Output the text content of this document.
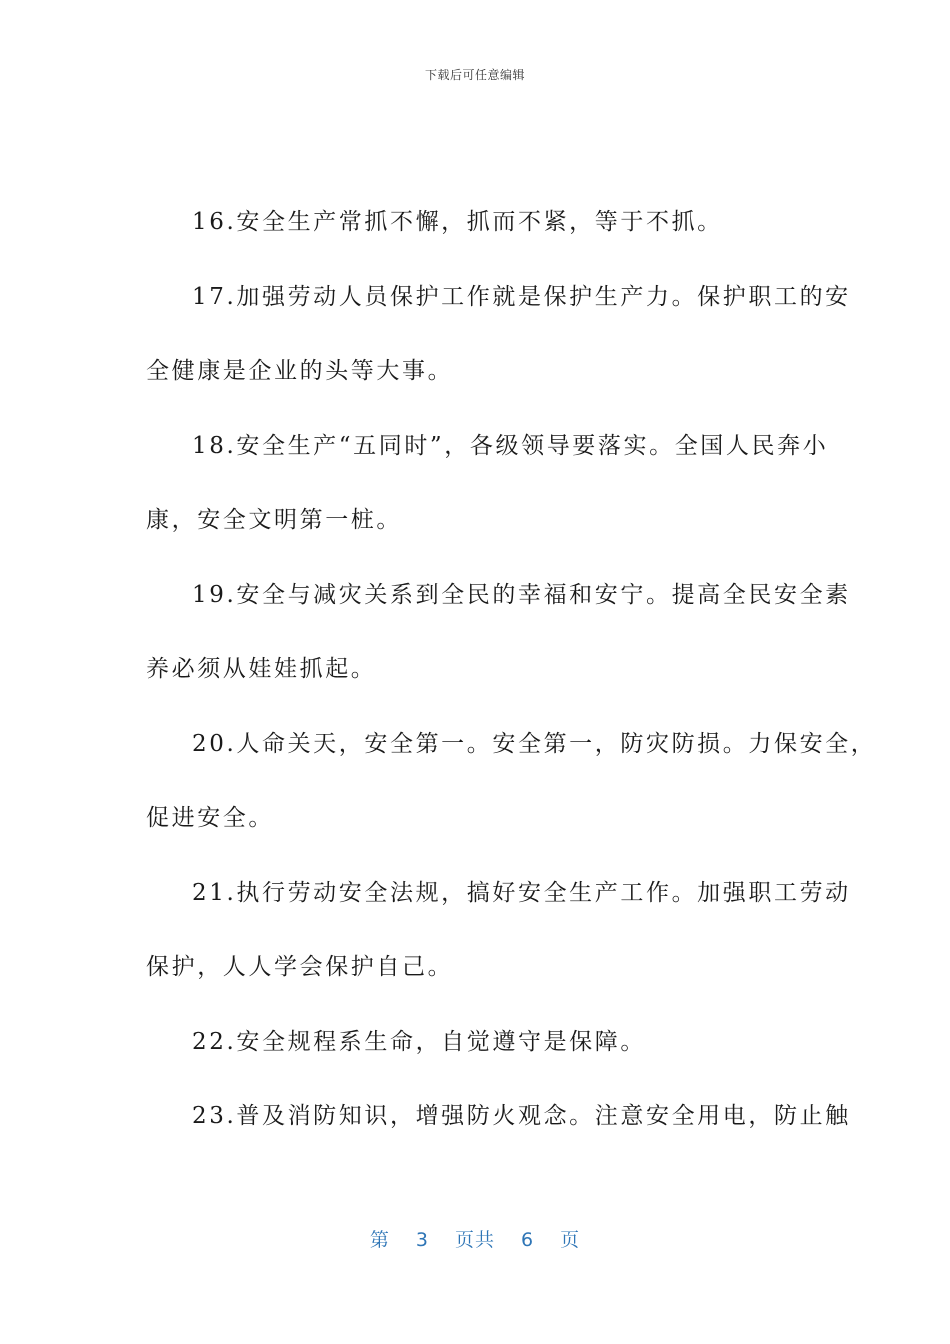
下载后可任意编辑
16.安全生产常抓不懈，抓而不紧，等于不抓。
17.加强劳动人员保护工作就是保护生产力。保护职工的安
全健康是企业的头等大事。
18.安全生产“五同时”，各级领导要落实。全国人民奔小
康，安全文明第一桩。
19.安全与减灾关系到全民的幸福和安宁。提高全民安全素
养必须从娃娃抓起。
20.人命关天，安全第一。安全第一，防灾防损。力保安全，
促进安全。
21.执行劳动安全法规，搞好安全生产工作。加强职工劳动
保护，人人学会保护自己。
22.安全规程系生命，自觉遵守是保障。
23.普及消防知识，增强防火观念。注意安全用电，防止触
第 3 页共 6 页
